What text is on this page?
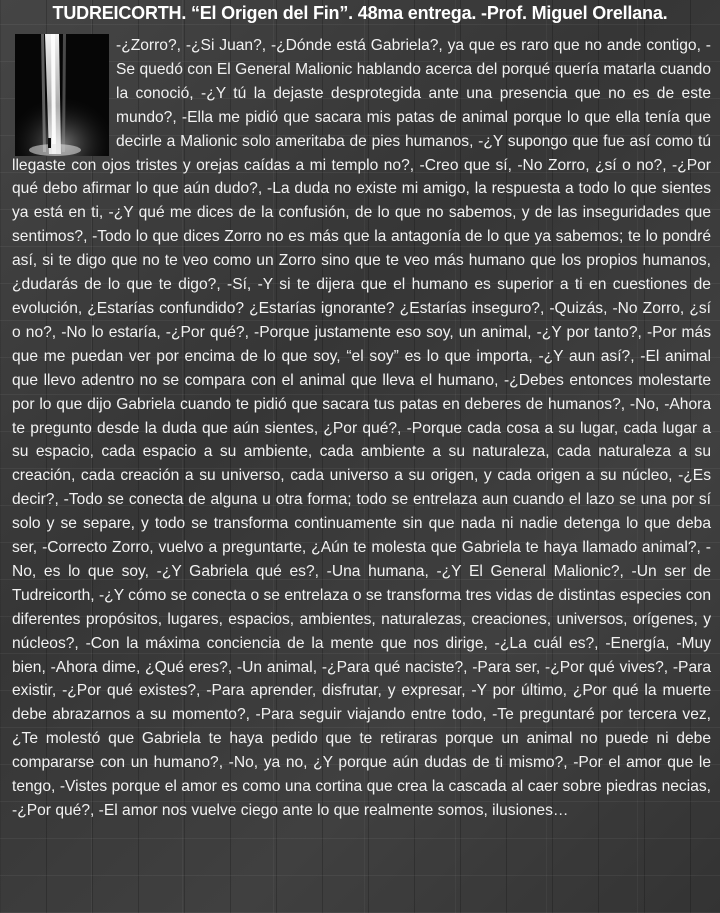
TUDREICORTH. “El Origen del Fin”. 48ma entrega. -Prof. Miguel Orellana.

-¿Zorro?, -¿Si Juan?, -¿Dónde está Gabriela?, ya que es raro que no ande contigo, -Se quedó con El General Malionic hablando acerca del porqué quería matarla cuando la conoció, -¿Y tú la dejaste desprotegida ante una presencia que no es de este mundo?, -Ella me pidió que sacara mis patas de animal porque lo que ella tenía que decirle a Malionic solo ameritaba de pies humanos, -¿Y supongo que fue así como tú llegaste con ojos tristes y orejas caídas a mi templo no?, -Creo que sí, -No Zorro, ¿sí o no?, -¿Por qué debo afirmar lo que aún dudo?, -La duda no existe mi amigo, la respuesta a todo lo que sientes ya está en ti, -¿Y qué me dices de la confusión, de lo que no sabemos, y de las inseguridades que sentimos?, -Todo lo que dices Zorro no es más que la antagonía de lo que ya sabemos; te lo pondré así, si te digo que no te veo como un Zorro sino que te veo más humano que los propios humanos, ¿dudarás de lo que te digo?, -Sí, -Y si te dijera que el humano es superior a ti en cuestiones de evolución, ¿Estarías confundido? ¿Estarías ignorante? ¿Estarías inseguro?, -Quizás, -No Zorro, ¿sí o no?, -No lo estaría, -¿Por qué?, -Porque justamente eso soy, un animal, -¿Y por tanto?, -Por más que me puedan ver por encima de lo que soy, “el soy” es lo que importa, -¿Y aun así?, -El animal que llevo adentro no se compara con el animal que lleva el humano, -¿Debes entonces molestarte por lo que dijo Gabriela cuando te pidió que sacara tus patas en deberes de humanos?, -No, -Ahora te pregunto desde la duda que aún sientes, ¿Por qué?, -Porque cada cosa a su lugar, cada lugar a su espacio, cada espacio a su ambiente, cada ambiente a su naturaleza, cada naturaleza a su creación, cada creación a su universo, cada universo a su origen, y cada origen a su núcleo, -¿Es decir?, -Todo se conecta de alguna u otra forma; todo se entrelaza aun cuando el lazo se una por sí solo y se separe, y todo se transforma continuamente sin que nada ni nadie detenga lo que deba ser, -Correcto Zorro, vuelvo a preguntarte, ¿Aún te molesta que Gabriela te haya llamado animal?, -No, es lo que soy, -¿Y Gabriela qué es?, -Una humana, -¿Y El General Malionic?, -Un ser de Tudreicorth, -¿Y cómo se conecta o se entrelaza o se transforma tres vidas de distintas especies con diferentes propósitos, lugares, espacios, ambientes, naturalezas, creaciones, universos, orígenes, y núcleos?, -Con la máxima conciencia de la mente que nos dirige, -¿La cuál es?, -Energía, -Muy bien, -Ahora dime, ¿Qué eres?, -Un animal, -¿Para qué naciste?, -Para ser, -¿Por qué vives?, -Para existir, -¿Por qué existes?, -Para aprender, disfrutar, y expresar, -Y por último, ¿Por qué la muerte debe abrazarnos a su momento?, -Para seguir viajando entre todo, -Te preguntaré por tercera vez, ¿Te molestó que Gabriela te haya pedido que te retiraras porque un animal no puede ni debe compararse con un humano?, -No, ya no, ¿Y porque aún dudas de ti mismo?, -Por el amor que le tengo, -Vistes porque el amor es como una cortina que crea la cascada al caer sobre piedras necias, -¿Por qué?, -El amor nos vuelve ciego ante lo que realmente somos, ilusiones…
